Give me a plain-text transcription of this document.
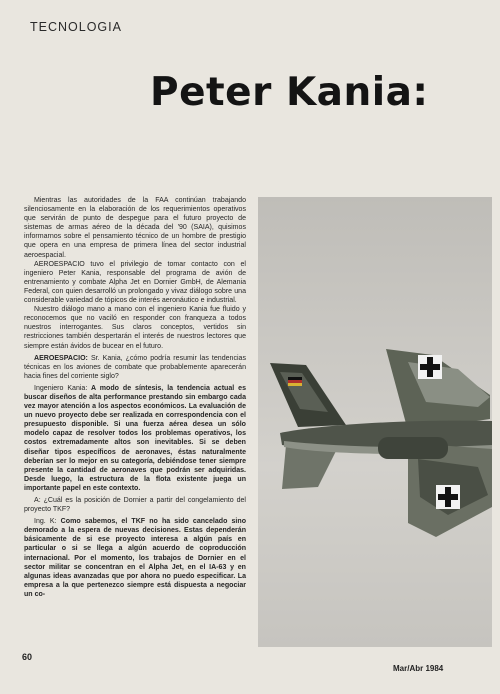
TECNOLOGIA
Peter Kania:

Mientras las autoridades de la FAA continúan trabajando silenciosamente en la elaboración de los requerimientos operativos que servirán de punto de despegue para el futuro proyecto de sistemas de armas aéreo de la década del '90 (SAIA), quisimos informarnos sobre el pensamiento técnico de un hombre de prestigio que opera en una empresa de primera línea del sector industrial aeroespacial.

AEROESPACIO tuvo el privilegio de tomar contacto con el ingeniero Peter Kania, responsable del programa de avión de entrenamiento y combate Alpha Jet en Dornier GmbH, de Alemania Federal, con quien desarrolló un prolongado y vivaz diálogo sobre una considerable variedad de tópicos de interés aeronáutico e industrial.

Nuestro diálogo mano a mano con el ingeniero Kania fue fluido y reconocemos que no vaciló en responder con franqueza a todos nuestros interrogantes. Sus claros conceptos, vertidos sin restricciones también despertarán el interés de nuestros lectores que siempre están ávidos de bucear en el futuro.

AEROESPACIO: Sr. Kania, ¿cómo podría resumir las tendencias técnicas en los aviones de combate que probablemente aparecerán hacia fines del corriente siglo?

Ingeniero Kania: A modo de síntesis, la tendencia actual es buscar diseños de alta performance prestando sin embargo cada vez mayor atención a los aspectos económicos. La evaluación de un nuevo proyecto debe ser realizada en correspondencia con el presupuesto disponible. Si una fuerza aérea desea un sólo modelo capaz de resolver todos los problemas operativos, los costos extremadamente altos son inevitables. Si se deben diseñar tipos específicos de aeronaves, éstas naturalmente deberían ser lo mejor en su categoría, debiéndose tener siempre presente la cantidad de aeronaves que podrán ser adquiridas. Desde luego, la estructura de la flota existente juega un importante papel en este contexto.

A: ¿Cuál es la posición de Dornier a partir del congelamiento del proyecto TKF?

Ing. K: Como sabemos, el TKF no ha sido cancelado sino demorado a la espera de nuevas decisiones. Estas dependerán básicamente de si ese proyecto interesa a algún país en particular o si se llega a algún acuerdo de coproducción internacional. Por el momento, los trabajos de Dornier en el sector militar se concentran en el Alpha Jet, en el IA-63 y en algunas ideas avanzadas que por ahora no puedo especificar. La empresa a la que pertenezco siempre está dispuesta a negociar un co-

60
Mar/Abr 1984
